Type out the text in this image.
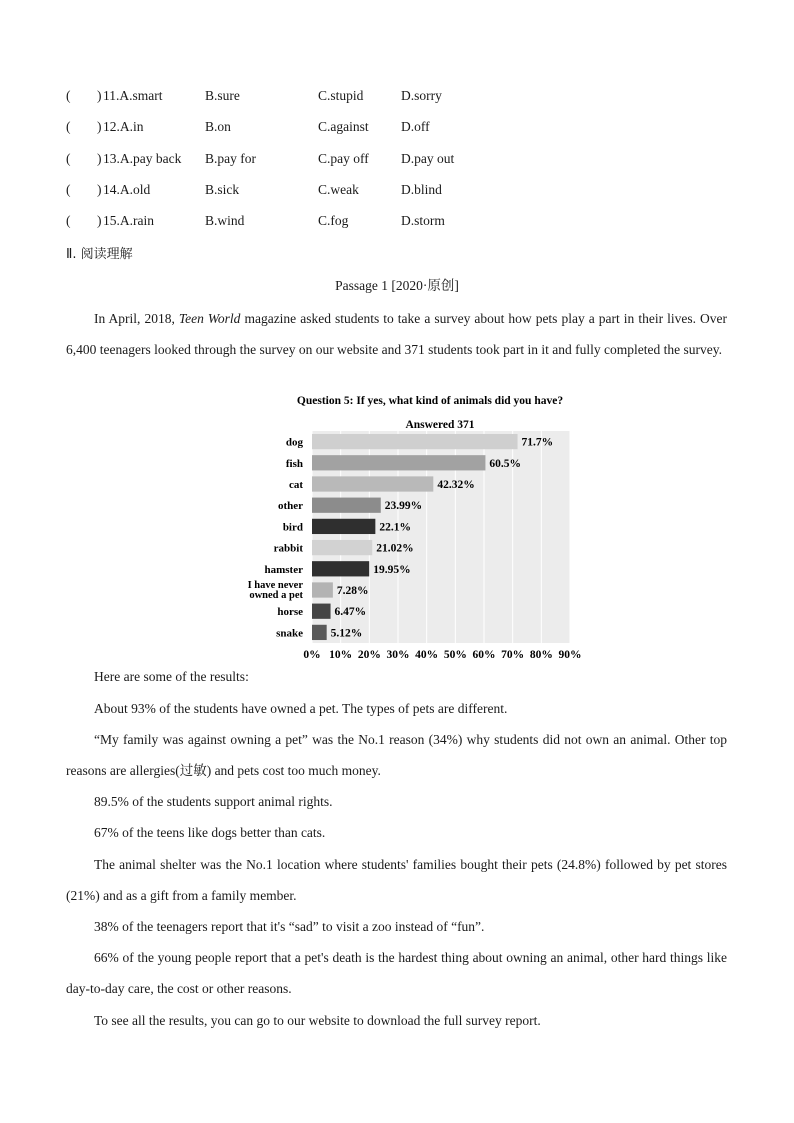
( ) 11.A.smart	B.sure	C.stupid	D.sorry
( ) 12.A.in	B.on	C.against D.off
( ) 13.A.pay back B.pay for	C.pay off D.pay out
( ) 14.A.old	B.sick	C.weak	D.blind
( ) 15.A.rain	B.wind	C.fog	D.storm
Ⅱ. 阅读理解
Passage 1 [2020·原创]
In April, 2018, Teen World magazine asked students to take a survey about how pets play a part in their lives. Over 6,400 teenagers looked through the survey on our website and 371 students took part in it and fully completed the survey.
Question 5: If yes, what kind of animals did you have?
Answered 371
71.7%
dog
60.5%
fish
42.32%
cat
23.99%
other
22.1%
bird
21.02%
rabbit
19.95%
hamster
7.28%
I have never
owned a pet
6.47%
horse
5.12%
snake
0% 10% 20% 30% 40% 50% 60% 70% 80% 90%
Here are some of the results:
About 93% of the students have owned a pet. The types of pets are different.
“My family was against owning a pet” was the No.1 reason (34%) why students did not own an animal. Other top reasons are allergies(过敏) and pets cost too much money.
89.5% of the students support animal rights.
67% of the teens like dogs better than cats.
The animal shelter was the No.1 location where students' families bought their pets (24.8%) followed by pet stores (21%) and as a gift from a family member.
38% of the teenagers report that it's “sad” to visit a zoo instead of “fun”.
66% of the young people report that a pet's death is the hardest thing about owning an animal, other hard things like day-to-day care, the cost or other reasons.
To see all the results, you can go to our website to download the full survey report.
